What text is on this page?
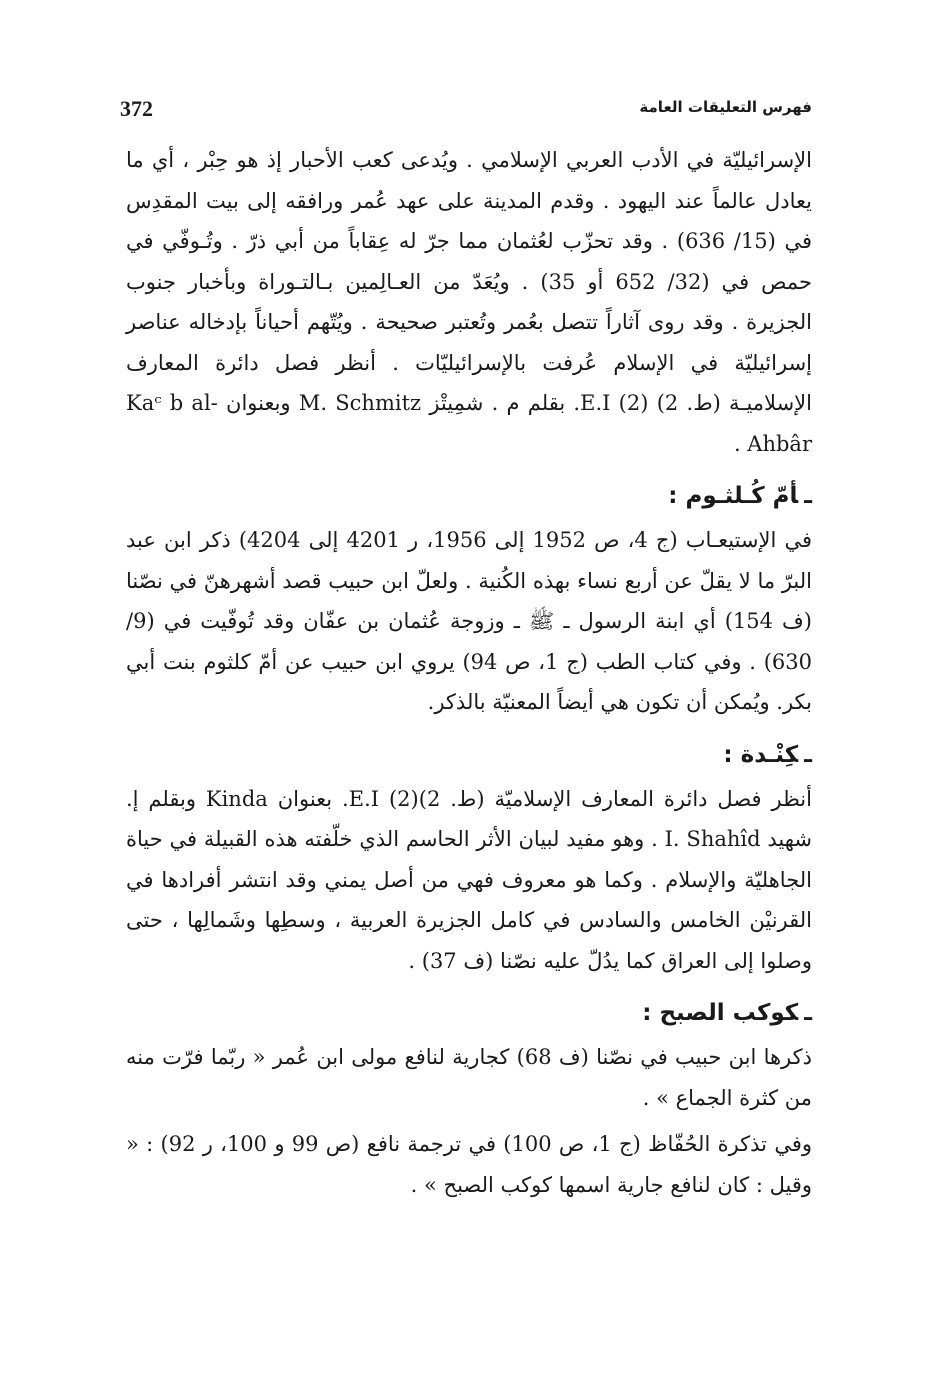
372	فهرس التعليقات العامة

الإسرائيليّة في الأدب العربي الإسلامي . ويُدعى كعب الأحبار إذ هو حِبْر ، أي ما يعادل عالماً عند اليهود . وقدم المدينة على عهد عُمر ورافقه إلى بيت المقدِس في (15/ 636) . وقد تحزّب لعُثمان مما جرّ له عِقاباً من أبي ذرّ . وتُـوفّي في حمص في (32/ 652 أو 35) . ويُعَدّ من العـالِمين بـالتـوراة وبأخبار جنوب الجزيرة . وقد روى آثاراً تتصل بعُمر وتُعتبر صحيحة . ويُتّهم أحياناً بإدخاله عناصر إسرائيليّة في الإسلام عُرفت بالإسرائيليّات . أنظر فصل دائرة المعارف الإسلاميـة (ط. 2) (2) E.I. بقلم م . شمِيتْز M. Schmitz وبعنوان Kaᶜ b al-Ahbâr .

ـأمّ كُـلثـوم :

في الإستيعـاب (ج 4، ص 1952 إلى 1956، ر 4201 إلى 4204) ذكر ابن عبد البرّ ما لا يقلّ عن أربع نساء بهذه الكُنية . ولعلّ ابن حبيب قصد أشهرهنّ في نصّنا (ف 154) أي ابنة الرسول ـ ﷺ ـ وزوجة عُثمان بن عفّان وقد تُوفّيت في (9/ 630) . وفي كتاب الطب (ج 1، ص 94) يروي ابن حبيب عن أمّ كلثوم بنت أبي بكر. ويُمكن أن تكون هي أيضاً المعنيّة بالذكر.

ـكِنْـدة :

أنظر فصل دائرة المعارف الإسلاميّة (ط. 2)(2) E.I. بعنوان Kinda وبقلم إ. شهيد I. Shahîd . وهو مفيد لبيان الأثر الحاسم الذي خلّفته هذه القبيلة في حياة الجاهليّة والإسلام . وكما هو معروف فهي من أصل يمني وقد انتشر أفرادها في القرنيْن الخامس والسادس في كامل الجزيرة العربية ، وسطِها وشَمالِها ، حتى وصلوا إلى العراق كما يدُلّ عليه نصّنا (ف 37) .

ـكوكب الصبح :

ذكرها ابن حبيب في نصّنا (ف 68) كجارية لنافع مولى ابن عُمر « ربّما فرّت منه من كثرة الجماع » .

وفي تذكرة الحُفّاظ (ج 1، ص 100) في ترجمة نافع (ص 99 و 100، ر 92) : « وقيل : كان لنافع جارية اسمها كوكب الصبح » .
